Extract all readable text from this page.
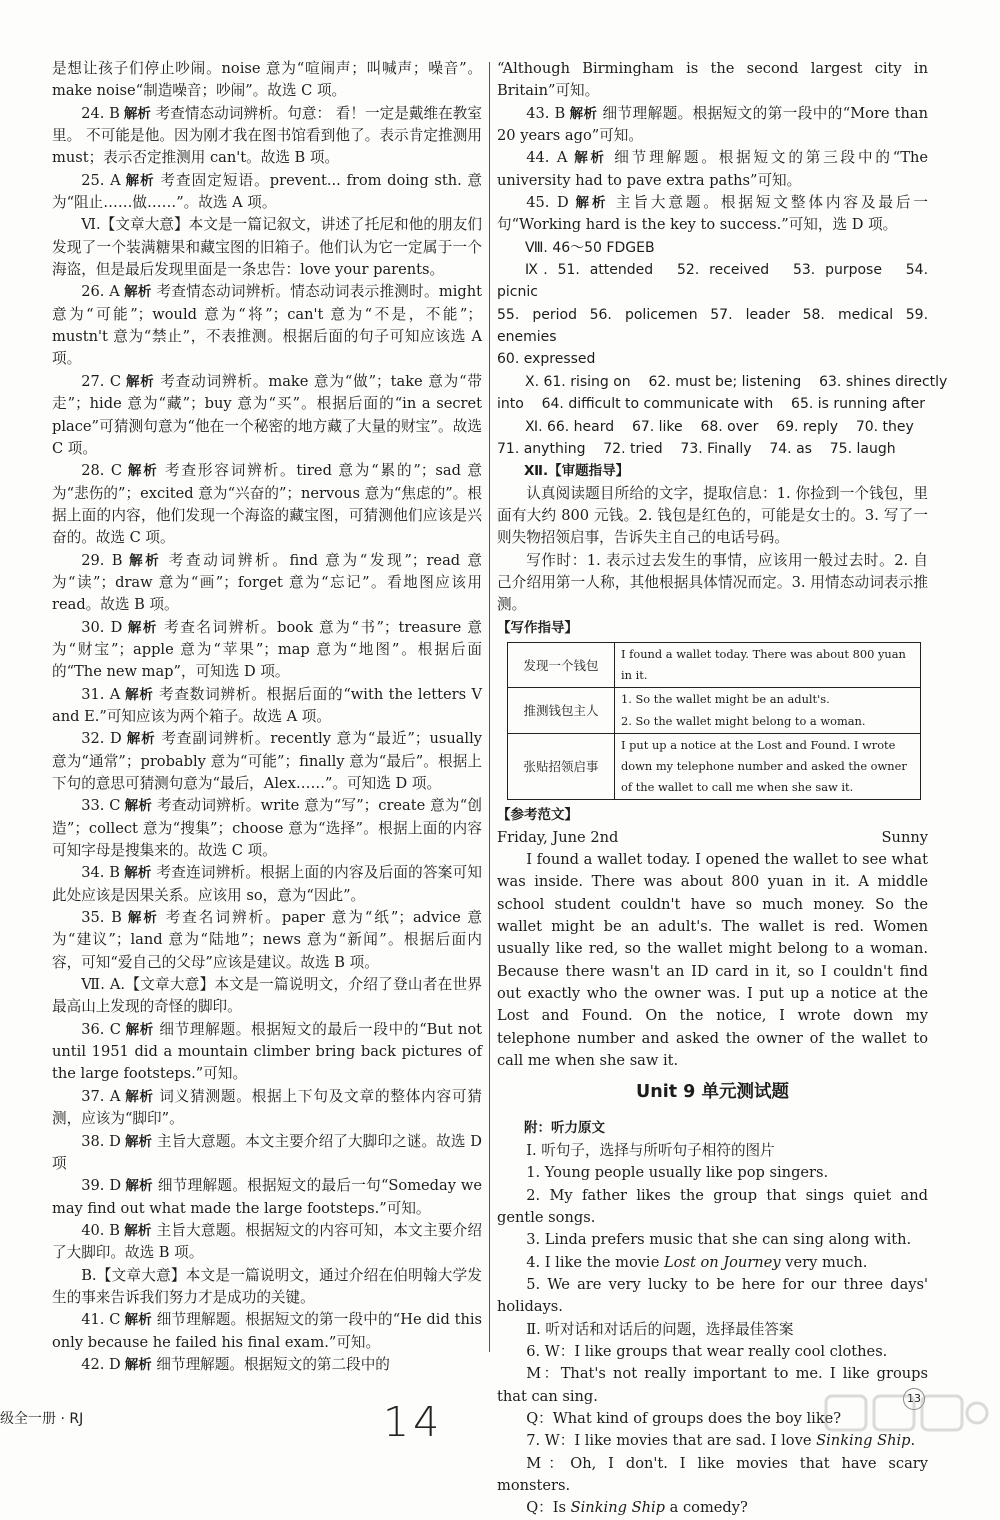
是想让孩子们停止吵闹。noise 意为“喧闹声；叫喊声；噪音”。make noise“制造噪音；吵闹”。故选 C 项。

24. B 解析 考查情态动词辨析。句意： 看！一定是戴维在教室里。 不可能是他。因为刚才我在图书馆看到他了。表示肯定推测用 must；表示否定推测用 can't。故选 B 项。

25. A 解析 考查固定短语。prevent... from doing sth. 意为“阻止……做……”。故选 A 项。

Ⅵ.【文章大意】本文是一篇记叙文，讲述了托尼和他的朋友们发现了一个装满糖果和藏宝图的旧箱子。他们认为它一定属于一个海盗，但是最后发现里面是一条忠告：love your parents。

26. A 解析 考查情态动词辨析。情态动词表示推测时。might 意为“可能”；would 意为“将”；can't 意为“不是，不能”；mustn't 意为“禁止”，不表推测。根据后面的句子可知应该选 A 项。

27. C 解析 考查动词辨析。make 意为“做”；take 意为“带走”；hide 意为“藏”；buy 意为“买”。根据后面的“in a secret place”可猜测句意为“他在一个秘密的地方藏了大量的财宝”。故选 C 项。

28. C 解析 考查形容词辨析。tired 意为“累的”；sad 意为“悲伤的”；excited 意为“兴奋的”；nervous 意为“焦虑的”。根据上面的内容，他们发现一个海盗的藏宝图，可猜测他们应该是兴奋的。故选 C 项。

29. B 解析 考查动词辨析。find 意为“发现”；read 意为“读”；draw 意为“画”；forget 意为“忘记”。看地图应该用 read。故选 B 项。

30. D 解析 考查名词辨析。book 意为“书”；treasure 意为“财宝”；apple 意为“苹果”；map 意为“地图”。根据后面的“The new map”，可知选 D 项。

31. A 解析 考查数词辨析。根据后面的“with the letters V and E.”可知应该为两个箱子。故选 A 项。

32. D 解析 考查副词辨析。recently 意为“最近”；usually 意为“通常”；probably 意为“可能”；finally 意为“最后”。根据上下句的意思可猜测句意为“最后，Alex……”。可知选 D 项。

33. C 解析 考查动词辨析。write 意为“写”；create 意为“创造”；collect 意为“搜集”；choose 意为“选择”。根据上面的内容可知字母是搜集来的。故选 C 项。

34. B 解析 考查连词辨析。根据上面的内容及后面的答案可知此处应该是因果关系。应该用 so，意为“因此”。

35. B 解析 考查名词辨析。paper 意为“纸”；advice 意为“建议”；land 意为“陆地”；news 意为“新闻”。根据后面内容，可知“爱自己的父母”应该是建议。故选 B 项。

Ⅶ. A.【文章大意】本文是一篇说明文，介绍了登山者在世界最高山上发现的奇怪的脚印。

36. C 解析 细节理解题。根据短文的最后一段中的“But not until 1951 did a mountain climber bring back pictures of the large footsteps.”可知。

37. A 解析 词义猜测题。根据上下句及文章的整体内容可猜测，应该为“脚印”。

38. D 解析 主旨大意题。本文主要介绍了大脚印之谜。故选 D 项

39. D 解析 细节理解题。根据短文的最后一句“Someday we may find out what made the large footsteps.”可知。

40. B 解析 主旨大意题。根据短文的内容可知，本文主要介绍了大脚印。故选 B 项。

B.【文章大意】本文是一篇说明文，通过介绍在伯明翰大学发生的事来告诉我们努力才是成功的关键。

41. C 解析 细节理解题。根据短文的第一段中的“He did this only because he failed his final exam.”可知。

42. D 解析 细节理解题。根据短文的第二段中的

“Although Birmingham is the second largest city in Britain”可知。

43. B 解析 细节理解题。根据短文的第一段中的“More than 20 years ago”可知。

44. A 解析 细节理解题。根据短文的第三段中的“The university had to pave extra paths”可知。

45. D 解析 主旨大意题。根据短文整体内容及最后一句“Working hard is the key to success.”可知，选 D 项。

Ⅷ. 46～50 FDGEB

Ⅸ. 51. attended 52. received 53. purpose 54. picnic

55. period 56. policemen 57. leader 58. medical 59. enemies

60. expressed

Ⅹ. 61. rising on    62. must be; listening    63. shines directly

into    64. difficult to communicate with    65. is running after

Ⅺ. 66. heard    67. like    68. over    69. reply    70. they

71. anything    72. tried    73. Finally    74. as    75. laugh

Ⅻ.【审题指导】

认真阅读题目所给的文字，提取信息：1. 你捡到一个钱包，里面有大约 800 元钱。2. 钱包是红色的，可能是女士的。3. 写了一则失物招领启事，告诉失主自己的电话号码。

写作时：1. 表示过去发生的事情，应该用一般过去时。2. 自己介绍用第一人称，其他根据具体情况而定。3. 用情态动词表示推测。

【写作指导】

发现一个钱包	I found a wallet today. There was about 800 yuan
in it.

推测钱包主人	1. So the wallet might be an adult's.
2. So the wallet might belong to a woman.

张贴招领启事	I put up a notice at the Lost and Found. I wrote
down my telephone number and asked the owner
of the wallet to call me when she saw it.

【参考范文】

Friday, June 2nd	Sunny

I found a wallet today. I opened the wallet to see what was inside. There was about 800 yuan in it. A middle school student couldn't have so much money. So the wallet might be an adult's. The wallet is red. Women usually like red, so the wallet might belong to a woman. Because there wasn't an ID card in it, so I couldn't find out exactly who the owner was. I put up a notice at the Lost and Found. On the notice, I wrote down my telephone number and asked the owner of the wallet to call me when she saw it.

Unit 9 单元测试题

附：听力原文

Ⅰ. 听句子，选择与所听句子相符的图片

1. Young people usually like pop singers.

2. My father likes the group that sings quiet and gentle songs.

3. Linda prefers music that she can sing along with.

4. I like the movie Lost on Journey very much.

5. We are very lucky to be here for our three days' holidays.

Ⅱ. 听对话和对话后的问题，选择最佳答案

6. W：I like groups that wear really cool clothes.

M：That's not really important to me. I like groups that can sing.

Q：What kind of groups does the boy like?

7. W：I like movies that are sad. I love Sinking Ship.

M：Oh, I don't. I like movies that have scary monsters.

Q：Is Sinking Ship a comedy?

级全一册 · RJ	14	13
